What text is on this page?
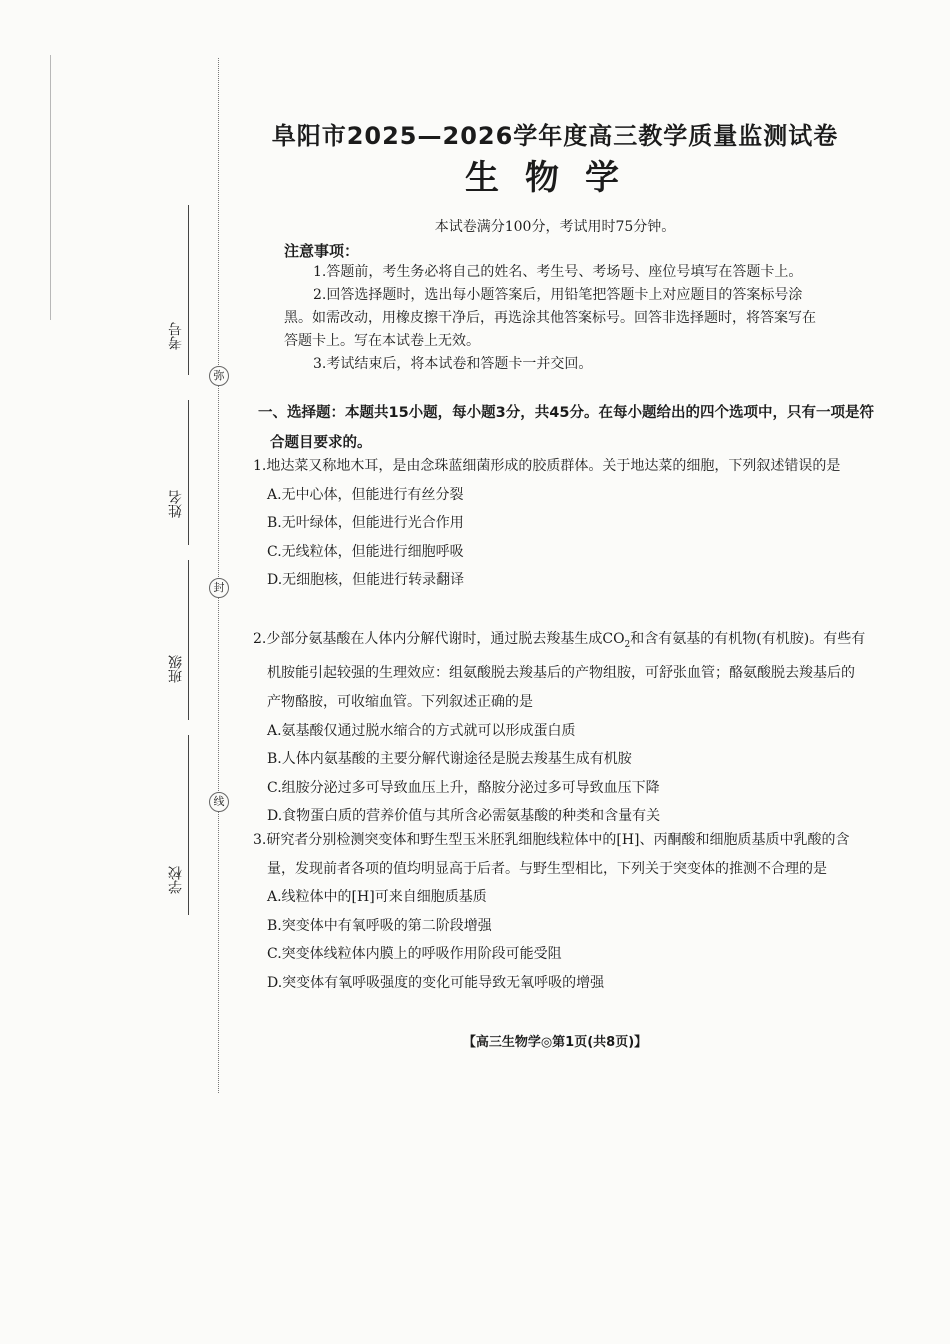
考号
姓名
班级
学校
弥
封
线
阜阳市2025—2026学年度高三教学质量监测试卷
生物学
本试卷满分100分，考试用时75分钟。
注意事项：
1.答题前，考生务必将自己的姓名、考生号、考场号、座位号填写在答题卡上。
2.回答选择题时，选出每小题答案后，用铅笔把答题卡上对应题目的答案标号涂
黑。如需改动，用橡皮擦干净后，再选涂其他答案标号。回答非选择题时，将答案写在
答题卡上。写在本试卷上无效。
3.考试结束后，将本试卷和答题卡一并交回。
一、选择题：本题共15小题，每小题3分，共45分。在每小题给出的四个选项中，只有一项是符合题目要求的。
1.地达菜又称地木耳，是由念珠蓝细菌形成的胶质群体。关于地达菜的细胞，下列叙述错误的是
A.无中心体，但能进行有丝分裂
B.无叶绿体，但能进行光合作用
C.无线粒体，但能进行细胞呼吸
D.无细胞核，但能进行转录翻译
2.少部分氨基酸在人体内分解代谢时，通过脱去羧基生成$CO_2$和含有氨基的有机物(有机胺)。有些有机胺能引起较强的生理效应：组氨酸脱去羧基后的产物组胺，可舒张血管；酪氨酸脱去羧基后的产物酪胺，可收缩血管。下列叙述正确的是
A.氨基酸仅通过脱水缩合的方式就可以形成蛋白质
B.人体内氨基酸的主要分解代谢途径是脱去羧基生成有机胺
C.组胺分泌过多可导致血压上升，酪胺分泌过多可导致血压下降
D.食物蛋白质的营养价值与其所含必需氨基酸的种类和含量有关
3.研究者分别检测突变体和野生型玉米胚乳细胞线粒体中的[H]、丙酮酸和细胞质基质中乳酸的含量，发现前者各项的值均明显高于后者。与野生型相比，下列关于突变体的推测不合理的是
A.线粒体中的[H]可来自细胞质基质
B.突变体中有氧呼吸的第二阶段增强
C.突变体线粒体内膜上的呼吸作用阶段可能受阻
D.突变体有氧呼吸强度的变化可能导致无氧呼吸的增强
【高三生物学◎第1页(共8页)】
